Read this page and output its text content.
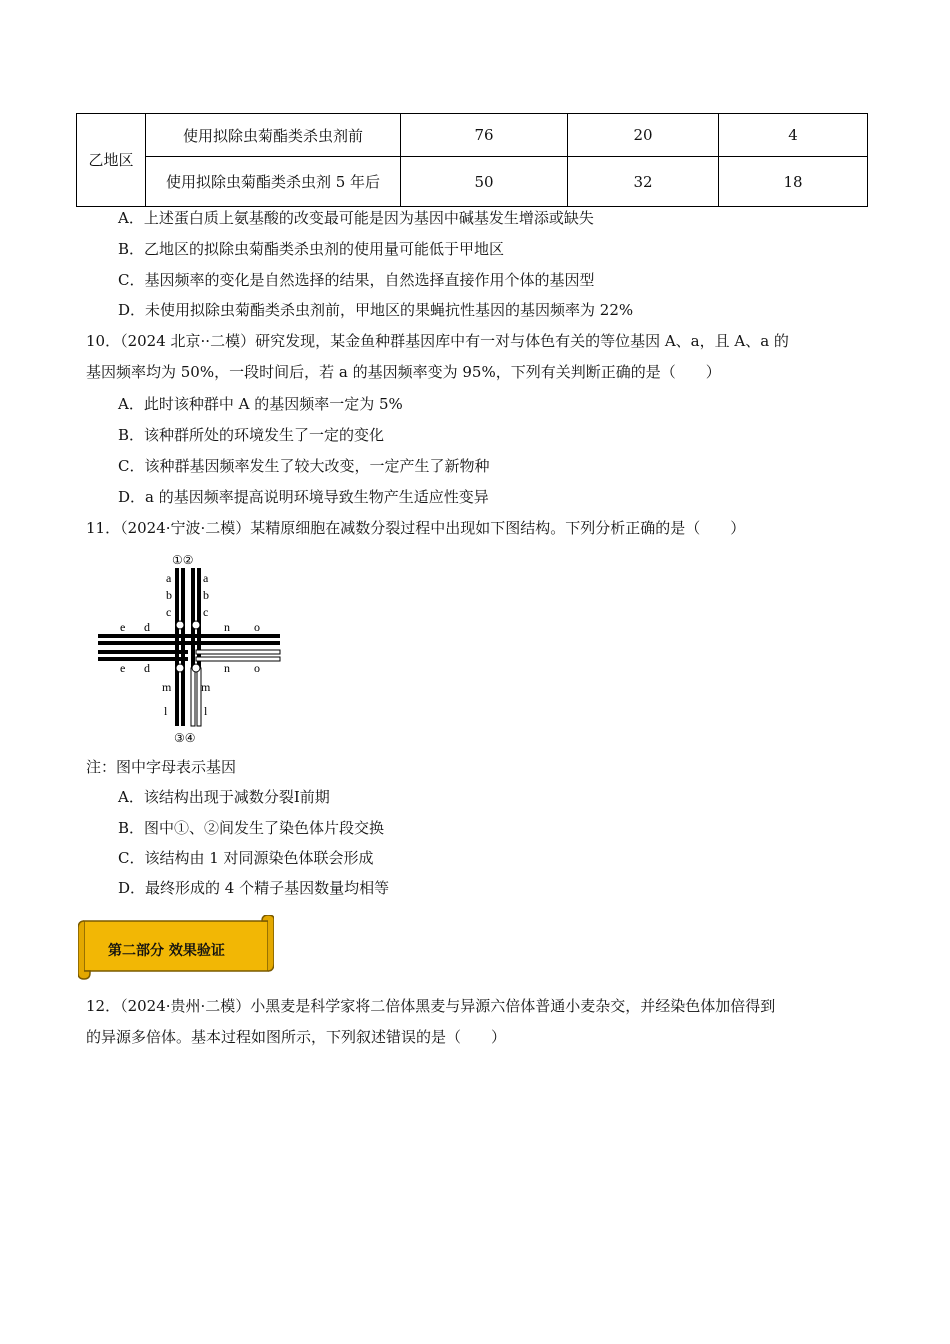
乙地区	使用拟除虫菊酯类杀虫剂前	76	20	4
	使用拟除虫菊酯类杀虫剂 5 年后	50	32	18
A．上述蛋白质上氨基酸的改变最可能是因为基因中碱基发生增添或缺失
B．乙地区的拟除虫菊酯类杀虫剂的使用量可能低于甲地区
C．基因频率的变化是自然选择的结果，自然选择直接作用个体的基因型
D．未使用拟除虫菊酯类杀虫剂前，甲地区的果蝇抗性基因的基因频率为 22%
10．（2024 北京··二模）研究发现，某金鱼种群基因库中有一对与体色有关的等位基因 A、a，且 A、a 的
基因频率均为 50%，一段时间后，若 a 的基因频率变为 95%，下列有关判断正确的是（　　）
A．此时该种群中 A 的基因频率一定为 5%
B．该种群所处的环境发生了一定的变化
C．该种群基因频率发生了较大改变，一定产生了新物种
D．a 的基因频率提高说明环境导致生物产生适应性变异
11．（2024·宁波·二模）某精原细胞在减数分裂过程中出现如下图结构。下列分析正确的是（　　）
①②
a	a
b	b
c	c
e d
e d
n o
n o
m m
l	l
③④
注：图中字母表示基因
A．该结构出现于减数分裂Ⅰ前期
B．图中①、②间发生了染色体片段交换
C．该结构由 1 对同源染色体联会形成
D．最终形成的 4 个精子基因数量均相等
第二部分 效果验证
12．（2024·贵州·二模）小黑麦是科学家将二倍体黑麦与异源六倍体普通小麦杂交，并经染色体加倍得到
的异源多倍体。基本过程如图所示，下列叙述错误的是（　　）
